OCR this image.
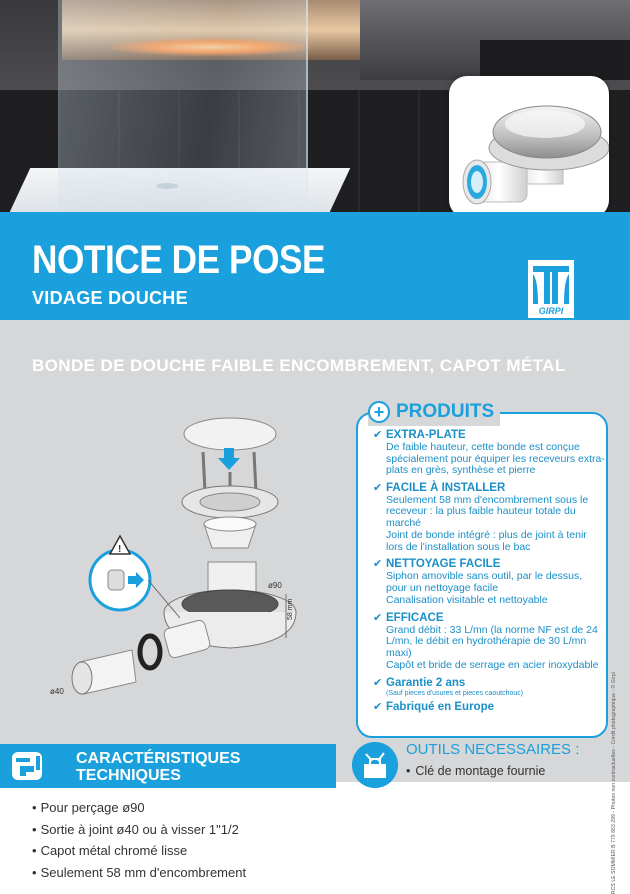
NOTICE DE POSE
VIDAGE DOUCHE
GIRPI
BONDE DE DOUCHE FAIBLE ENCOMBREMENT, CAPOT MÉTAL
ø90
58 mm
ø40
!
+ PRODUITS
✔ EXTRA-PLATE

De faible hauteur, cette bonde est conçue spécialement pour équiper les receveurs extra-plats en grès, synthèse et pierre

✔ FACILE À INSTALLER

Seulement 58 mm d'encombrement sous le receveur : la plus faible hauteur totale du marché

Joint de bonde intégré : plus de joint à tenir lors de l'installation sous le bac

✔ NETTOYAGE FACILE

Siphon amovible sans outil, par le dessus, pour un nettoyage facile

Canalisation visitable et nettoyable

✔ EFFICACE

Grand débit : 33 L/mn (la norme NF est de 24 L/mn, le débit en hydrothérapie de 30 L/mn maxi)

Capôt et bride de serrage en acier inoxydable

✔ Garantie 2 ans
(Sauf pieces d'usures et pieces caoutchouc)
✔ Fabriqué en Europe
CARACTÉRISTIQUES
TECHNIQUES
• Pour perçage ø90
• Sortie à joint ø40 ou à visser 1"1/2
• Capot métal chromé lisse
• Seulement 58 mm d'encombrement
OUTILS NECESSAIRES :
• Clé de montage fournie	RCS LE SOMMIER B 779 863 299 - Photos non contractuelles - Crédit photographique : © Girpi
